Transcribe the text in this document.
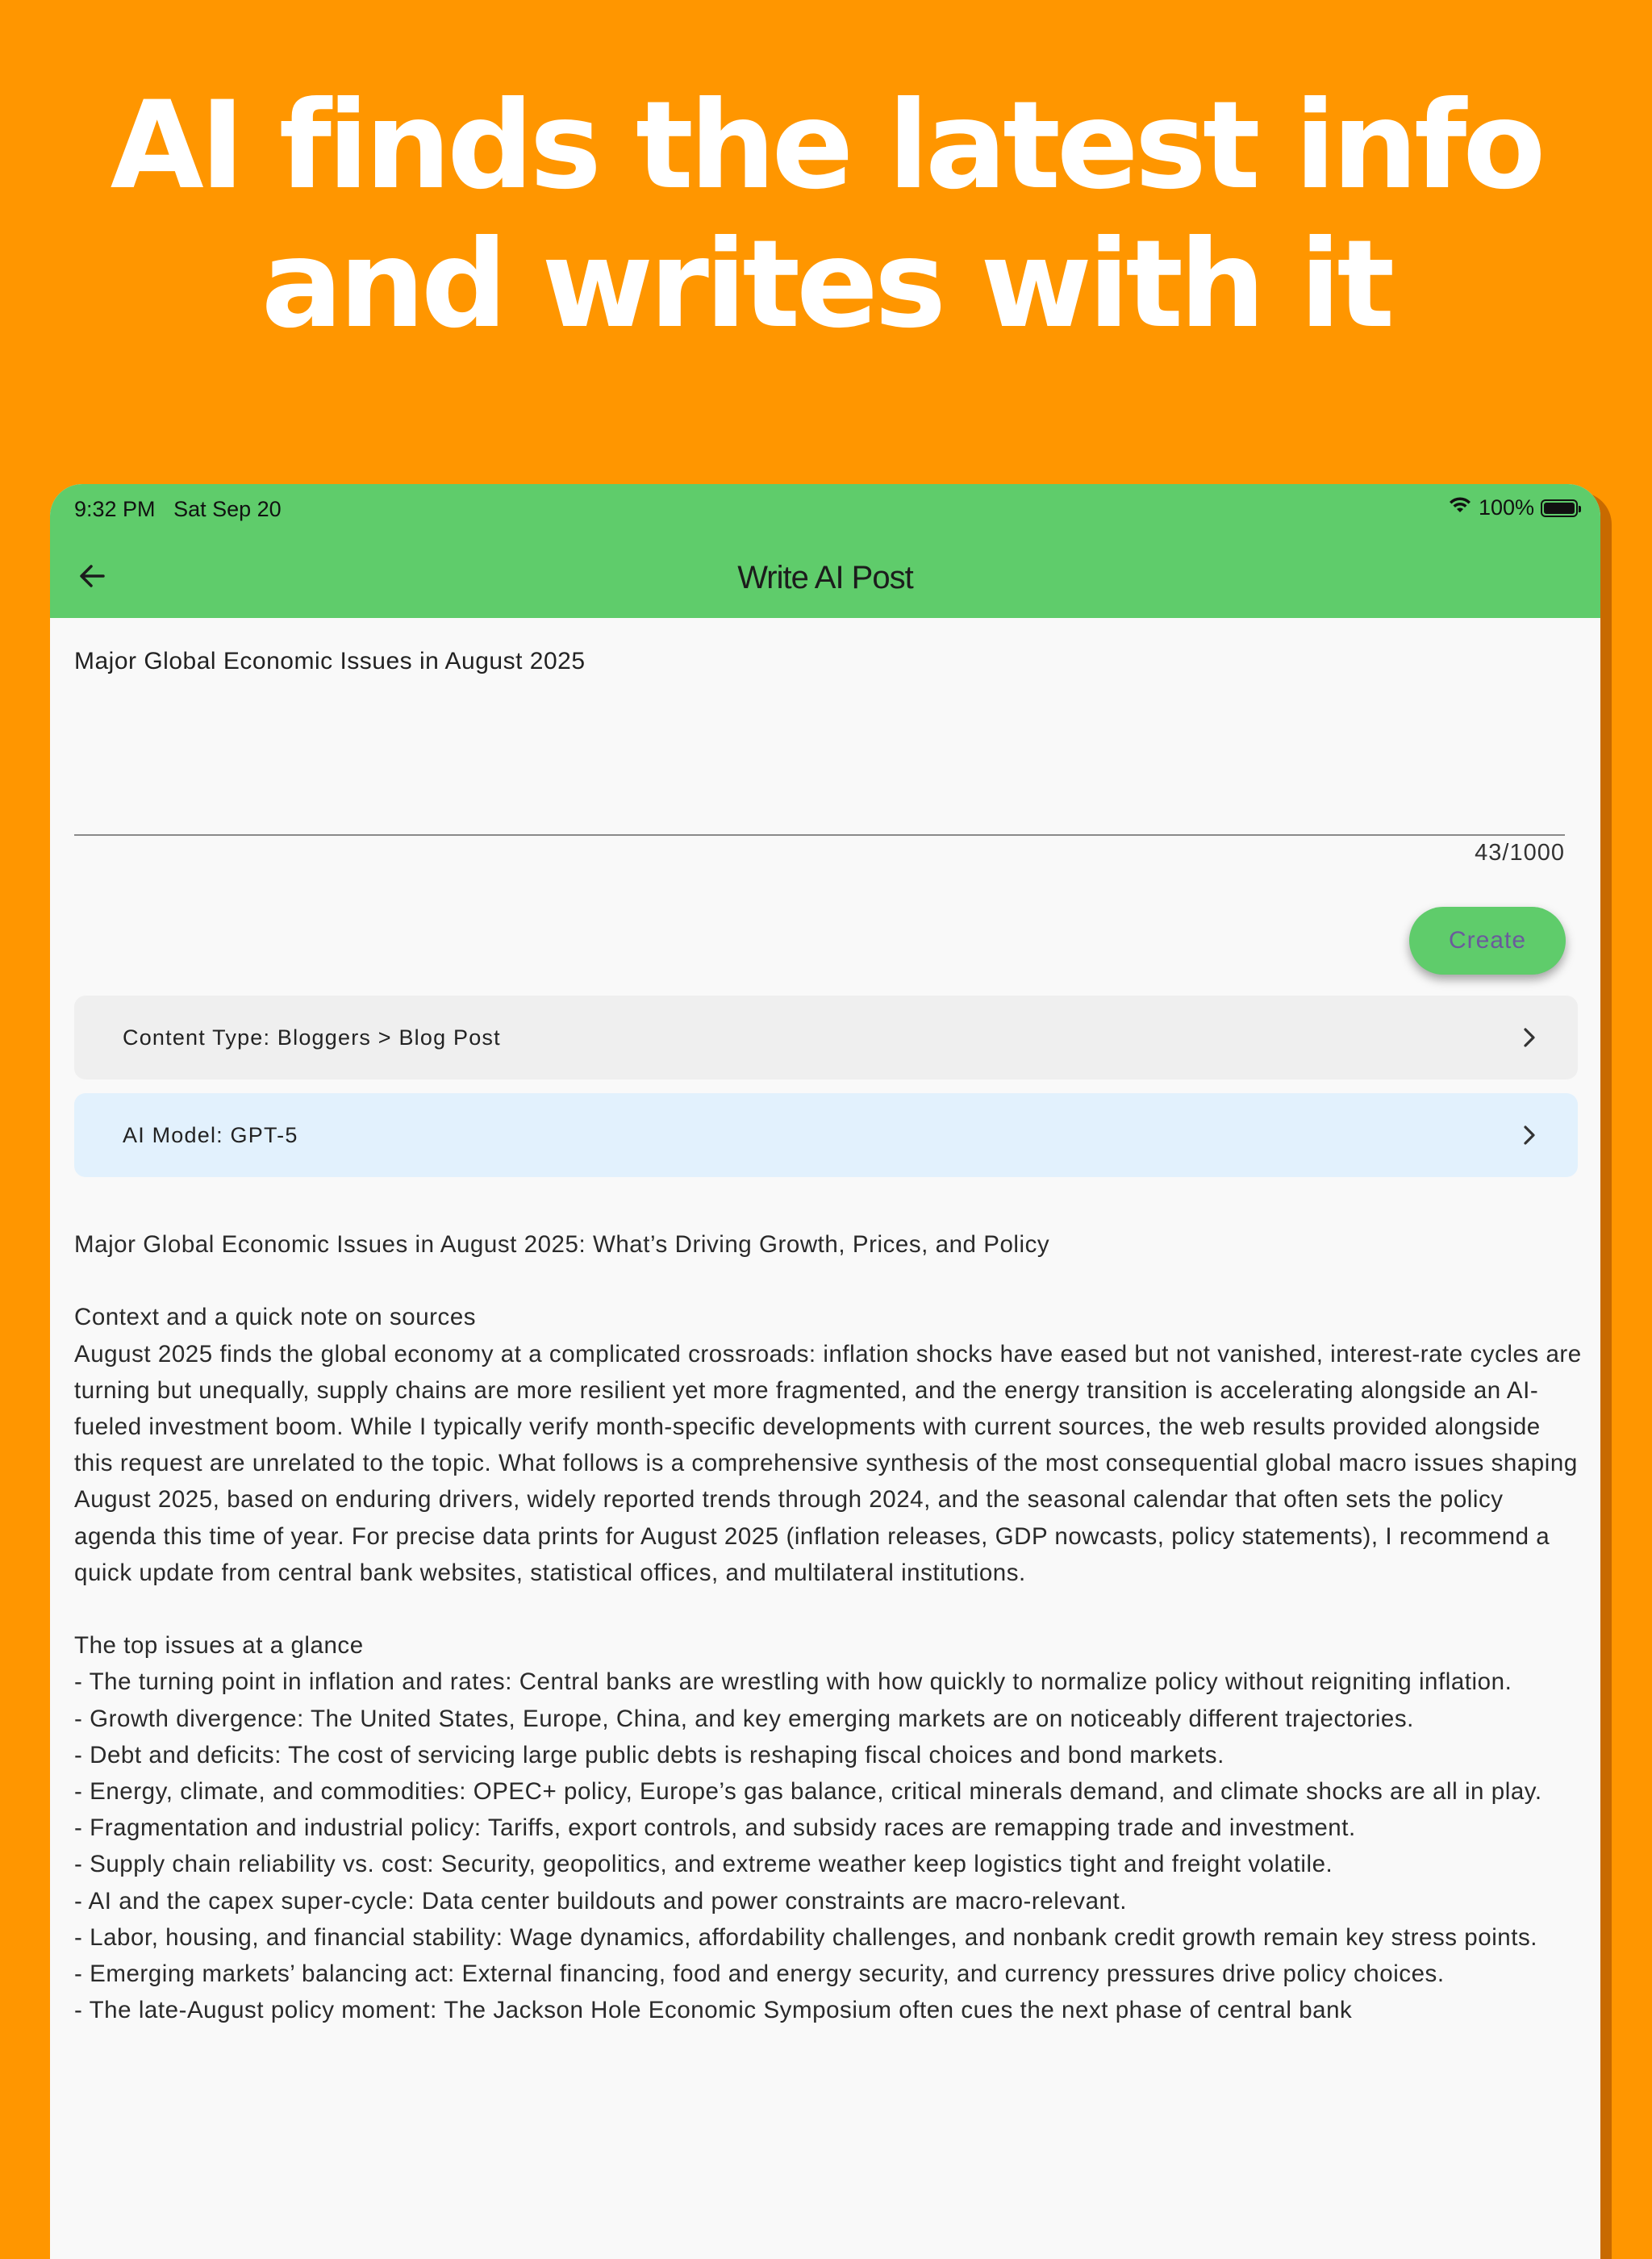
AI finds the latest info
and writes with it
9:32 PM Sat Sep 20	100%
Write AI Post
Major Global Economic Issues in August 2025
43/1000
Create
Content Type: Bloggers > Blog Post
AI Model: GPT-5

Major Global Economic Issues in August 2025: What’s Driving Growth, Prices, and Policy

Context and a quick note on sources

August 2025 finds the global economy at a complicated crossroads: inflation shocks have eased but not vanished, interest-rate cycles are turning but unequally, supply chains are more resilient yet more fragmented, and the energy transition is accelerating alongside an AI-fueled investment boom. While I typically verify month-specific developments with current sources, the web results provided alongside this request are unrelated to the topic. What follows is a comprehensive synthesis of the most consequential global macro issues shaping August 2025, based on enduring drivers, widely reported trends through 2024, and the seasonal calendar that often sets the policy agenda this time of year. For precise data prints for August 2025 (inflation releases, GDP nowcasts, policy statements), I recommend a quick update from central bank websites, statistical offices, and multilateral institutions.

The top issues at a glance

- The turning point in inflation and rates: Central banks are wrestling with how quickly to normalize policy without reigniting inflation.

- Growth divergence: The United States, Europe, China, and key emerging markets are on noticeably different trajectories.

- Debt and deficits: The cost of servicing large public debts is reshaping fiscal choices and bond markets.

- Energy, climate, and commodities: OPEC+ policy, Europe’s gas balance, critical minerals demand, and climate shocks are all in play.

- Fragmentation and industrial policy: Tariffs, export controls, and subsidy races are remapping trade and investment.

- Supply chain reliability vs. cost: Security, geopolitics, and extreme weather keep logistics tight and freight volatile.

- AI and the capex super-cycle: Data center buildouts and power constraints are macro-relevant.

- Labor, housing, and financial stability: Wage dynamics, affordability challenges, and nonbank credit growth remain key stress points.

- Emerging markets’ balancing act: External financing, food and energy security, and currency pressures drive policy choices.

- The late-August policy moment: The Jackson Hole Economic Symposium often cues the next phase of central bank
